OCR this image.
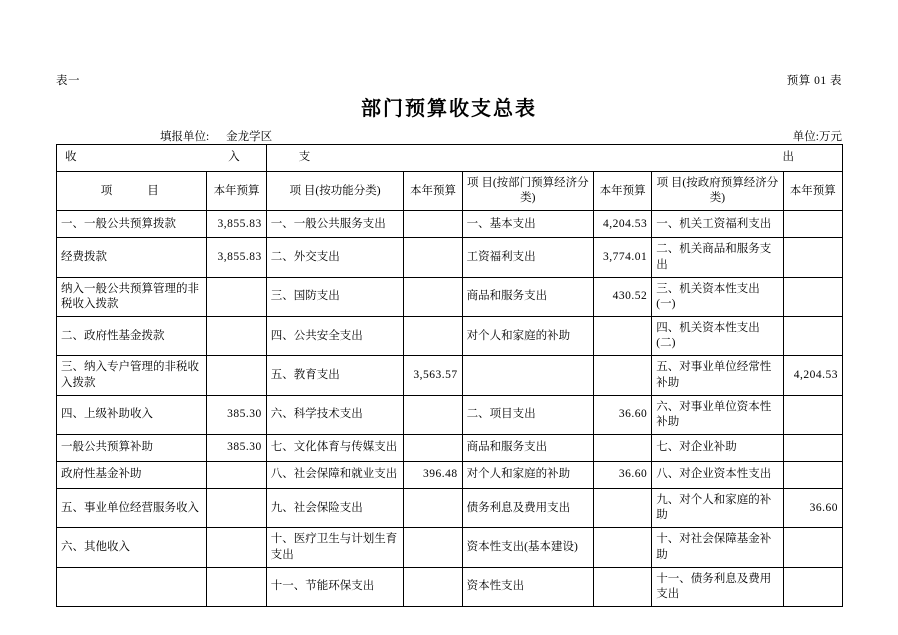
表一	预算 01 表
部门预算收支总表
填报单位: 金龙学区	单位:万元
收 入		支 出					

项　　目	本年预算	项 目(按功能分类)	本年预算	项 目(按部门预算经济分类)	本年预算	项 目(按政府预算经济分类)	本年预算
一、一般公共预算拨款	3,855.83	一、一般公共服务支出		一、基本支出	4,204.53	一、机关工资福利支出	
经费拨款	3,855.83	二、外交支出		工资福利支出	3,774.01	二、机关商品和服务支出	
纳入一般公共预算管理的非税收入拨款		三、国防支出		商品和服务支出	430.52	三、机关资本性支出(一)	
二、政府性基金拨款		四、公共安全支出		对个人和家庭的补助		四、机关资本性支出(二)	
三、纳入专户管理的非税收入拨款		五、教育支出	3,563.57			五、对事业单位经常性补助	4,204.53
四、上级补助收入	385.30	六、科学技术支出		二、项目支出	36.60	六、对事业单位资本性补助	
一般公共预算补助	385.30	七、文化体育与传媒支出		商品和服务支出		七、对企业补助	
政府性基金补助		八、社会保障和就业支出	396.48	对个人和家庭的补助	36.60	八、对企业资本性支出	
五、事业单位经营服务收入		九、社会保险支出		债务利息及费用支出		九、对个人和家庭的补助	36.60
六、其他收入		十、医疗卫生与计划生育支出		资本性支出(基本建设)		十、对社会保障基金补助	
		十一、节能环保支出		资本性支出		十一、债务利息及费用支出	
